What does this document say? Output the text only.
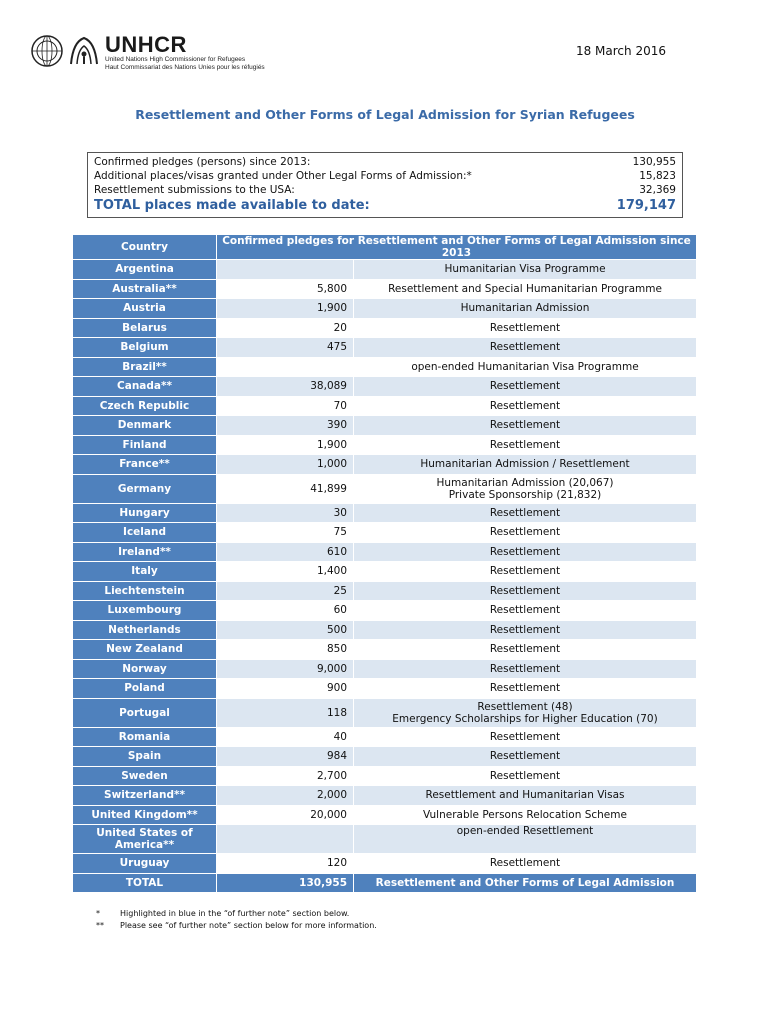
UNHCR
United Nations High Commissioner for Refugees
Haut Commissariat des Nations Unies pour les réfugiés
18 March 2016
Resettlement and Other Forms of Legal Admission for Syrian Refugees
Confirmed pledges (persons) since 2013:	130,955
Additional places/visas granted under Other Legal Forms of Admission:*	15,823
Resettlement submissions to the USA:	32,369
TOTAL places made available to date:	179,147
Country	Confirmed pledges for Resettlement and Other Forms of Legal Admission since 2013	
Argentina		Humanitarian Visa Programme

Australia**	5,800	Resettlement and Special Humanitarian Programme

Austria	1,900	Humanitarian Admission

Belarus	20	Resettlement

Belgium	475	Resettlement

Brazil**		open-ended Humanitarian Visa Programme

Canada**	38,089	Resettlement

Czech Republic	70	Resettlement

Denmark	390	Resettlement

Finland	1,900	Resettlement

France**	1,000	Humanitarian Admission / Resettlement

Germany	41,899	Humanitarian Admission (20,067)
Private Sponsorship (21,832)

Hungary	30	Resettlement

Iceland	75	Resettlement

Ireland**	610	Resettlement

Italy	1,400	Resettlement

Liechtenstein	25	Resettlement

Luxembourg	60	Resettlement

Netherlands	500	Resettlement

New Zealand	850	Resettlement

Norway	9,000	Resettlement

Poland	900	Resettlement

Portugal	118	Resettlement (48)
Emergency Scholarships for Higher Education (70)

Romania	40	Resettlement

Spain	984	Resettlement

Sweden	2,700	Resettlement

Switzerland**	2,000	Resettlement and Humanitarian Visas

United Kingdom**	20,000	Vulnerable Persons Relocation Scheme

United States of America**		open-ended Resettlement

Uruguay	120	Resettlement

TOTAL	130,955	Resettlement and Other Forms of Legal Admission
*	Highlighted in blue in the “of further note” section below.
**	Please see “of further note” section below for more information.
